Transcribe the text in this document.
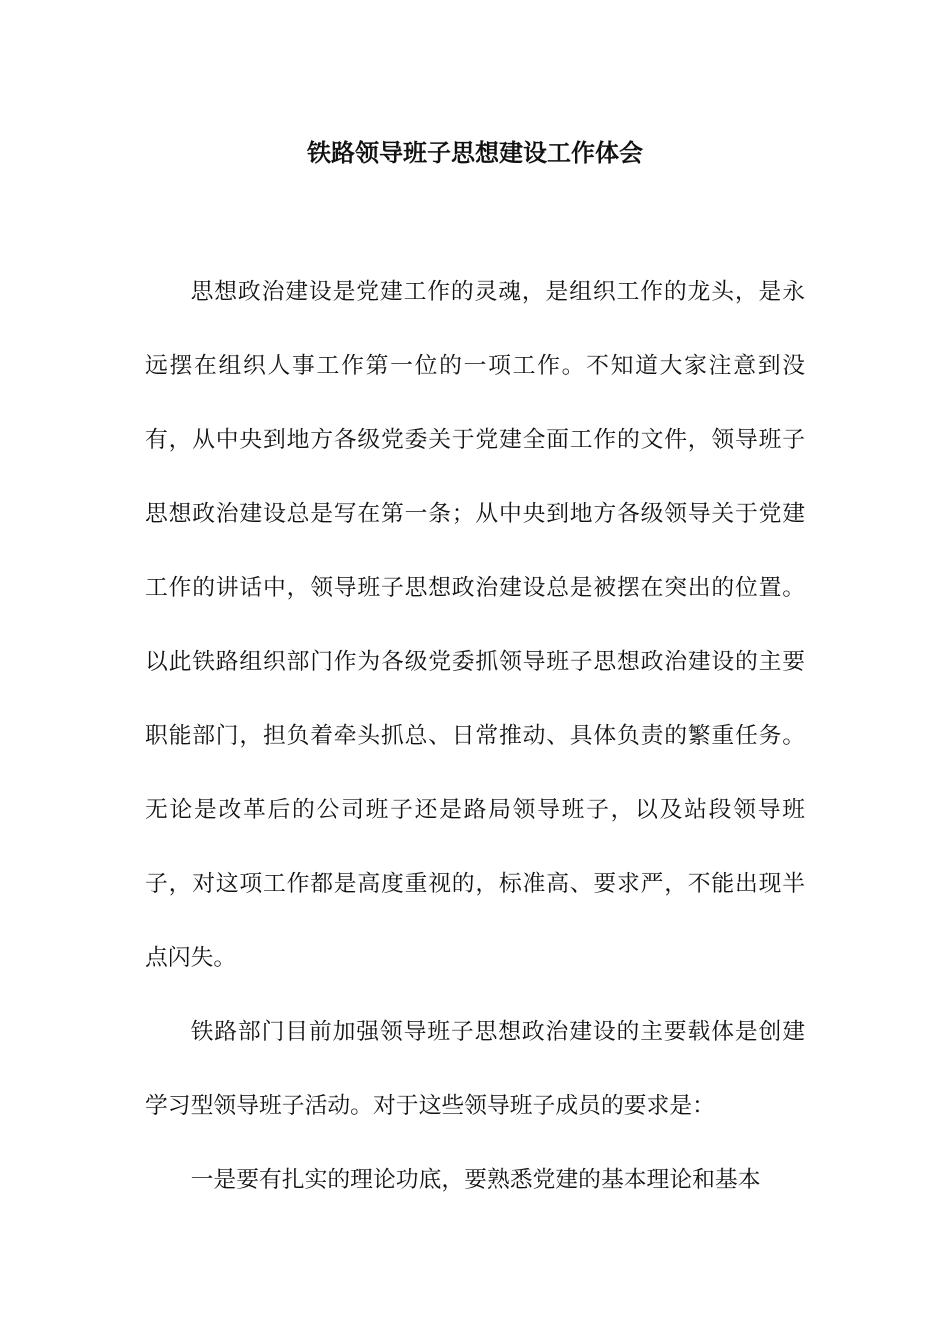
铁路领导班子思想建设工作体会

思想政治建设是党建工作的灵魂，是组织工作的龙头，是永远摆在组织人事工作第一位的一项工作。不知道大家注意到没有，从中央到地方各级党委关于党建全面工作的文件，领导班子思想政治建设总是写在第一条；从中央到地方各级领导关于党建工作的讲话中，领导班子思想政治建设总是被摆在突出的位置。以此铁路组织部门作为各级党委抓领导班子思想政治建设的主要职能部门，担负着牵头抓总、日常推动、具体负责的繁重任务。无论是改革后的公司班子还是路局领导班子，以及站段领导班子，对这项工作都是高度重视的，标准高、要求严，不能出现半点闪失。

铁路部门目前加强领导班子思想政治建设的主要载体是创建学习型领导班子活动。对于这些领导班子成员的要求是：

一是要有扎实的理论功底，要熟悉党建的基本理论和基本
